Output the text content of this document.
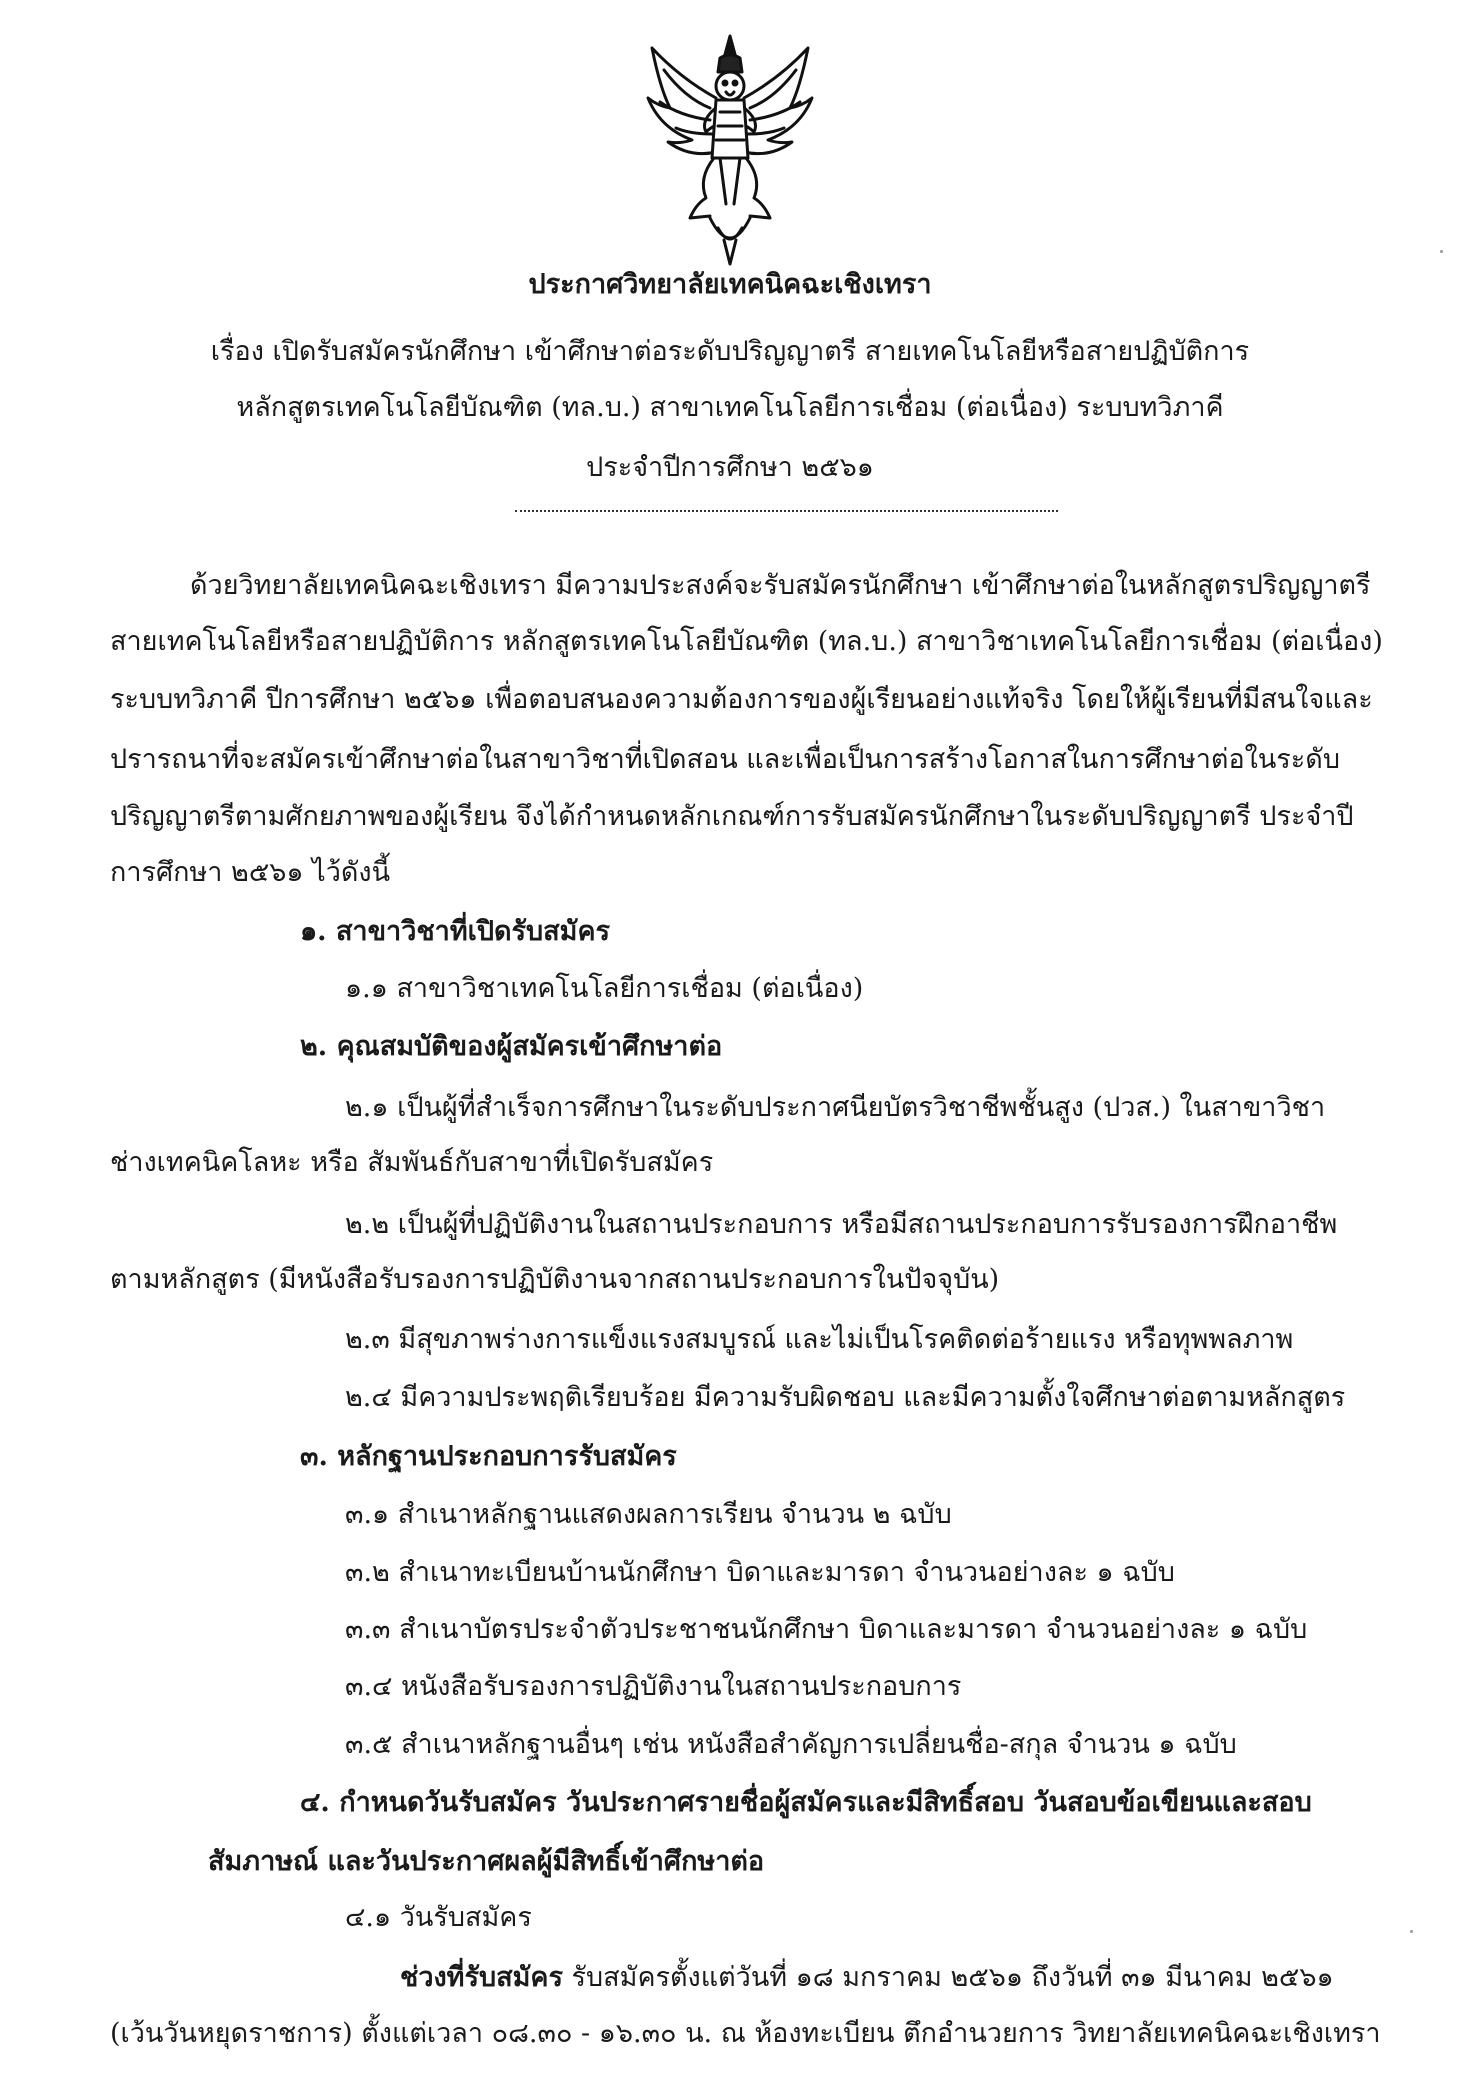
ประกาศวิทยาลัยเทคนิคฉะเชิงเทรา
เรื่อง เปิดรับสมัครนักศึกษา เข้าศึกษาต่อระดับปริญญาตรี สายเทคโนโลยีหรือสายปฏิบัติการ
หลักสูตรเทคโนโลยีบัณฑิต (ทล.บ.) สาขาเทคโนโลยีการเชื่อม (ต่อเนื่อง) ระบบทวิภาคี
ประจำปีการศึกษา ๒๕๖๑
ด้วยวิทยาลัยเทคนิคฉะเชิงเทรา มีความประสงค์จะรับสมัครนักศึกษา เข้าศึกษาต่อในหลักสูตรปริญญาตรี
สายเทคโนโลยีหรือสายปฏิบัติการ หลักสูตรเทคโนโลยีบัณฑิต (ทล.บ.) สาขาวิชาเทคโนโลยีการเชื่อม (ต่อเนื่อง)
ระบบทวิภาคี ปีการศึกษา ๒๕๖๑ เพื่อตอบสนองความต้องการของผู้เรียนอย่างแท้จริง โดยให้ผู้เรียนที่มีสนใจและ
ปรารถนาที่จะสมัครเข้าศึกษาต่อในสาขาวิชาที่เปิดสอน และเพื่อเป็นการสร้างโอกาสในการศึกษาต่อในระดับ
ปริญญาตรีตามศักยภาพของผู้เรียน จึงได้กำหนดหลักเกณฑ์การรับสมัครนักศึกษาในระดับปริญญาตรี ประจำปี
การศึกษา ๒๕๖๑ ไว้ดังนี้
๑. สาขาวิชาที่เปิดรับสมัคร
๑.๑ สาขาวิชาเทคโนโลยีการเชื่อม (ต่อเนื่อง)
๒. คุณสมบัติของผู้สมัครเข้าศึกษาต่อ
๒.๑ เป็นผู้ที่สำเร็จการศึกษาในระดับประกาศนียบัตรวิชาชีพชั้นสูง (ปวส.) ในสาขาวิชา
ช่างเทคนิคโลหะ หรือ สัมพันธ์กับสาขาที่เปิดรับสมัคร
๒.๒ เป็นผู้ที่ปฏิบัติงานในสถานประกอบการ หรือมีสถานประกอบการรับรองการฝึกอาชีพ
ตามหลักสูตร (มีหนังสือรับรองการปฏิบัติงานจากสถานประกอบการในปัจจุบัน)
๒.๓ มีสุขภาพร่างการแข็งแรงสมบูรณ์ และไม่เป็นโรคติดต่อร้ายแรง หรือทุพพลภาพ
๒.๔ มีความประพฤติเรียบร้อย มีความรับผิดชอบ และมีความตั้งใจศึกษาต่อตามหลักสูตร
๓. หลักฐานประกอบการรับสมัคร
๓.๑ สำเนาหลักฐานแสดงผลการเรียน จำนวน ๒ ฉบับ
๓.๒ สำเนาทะเบียนบ้านนักศึกษา บิดาและมารดา จำนวนอย่างละ ๑ ฉบับ
๓.๓ สำเนาบัตรประจำตัวประชาชนนักศึกษา บิดาและมารดา จำนวนอย่างละ ๑ ฉบับ
๓.๔ หนังสือรับรองการปฏิบัติงานในสถานประกอบการ
๓.๕ สำเนาหลักฐานอื่นๆ เช่น หนังสือสำคัญการเปลี่ยนชื่อ-สกุล จำนวน ๑ ฉบับ
๔. กำหนดวันรับสมัคร วันประกาศรายชื่อผู้สมัครและมีสิทธิ์สอบ วันสอบข้อเขียนและสอบ
สัมภาษณ์ และวันประกาศผลผู้มีสิทธิ์เข้าศึกษาต่อ
๔.๑ วันรับสมัคร
ช่วงที่รับสมัคร รับสมัครตั้งแต่วันที่ ๑๘ มกราคม ๒๕๖๑ ถึงวันที่ ๓๑ มีนาคม ๒๕๖๑
(เว้นวันหยุดราชการ) ตั้งแต่เวลา ๐๘.๓๐ - ๑๖.๓๐ น. ณ ห้องทะเบียน ตึกอำนวยการ วิทยาลัยเทคนิคฉะเชิงเทรา
